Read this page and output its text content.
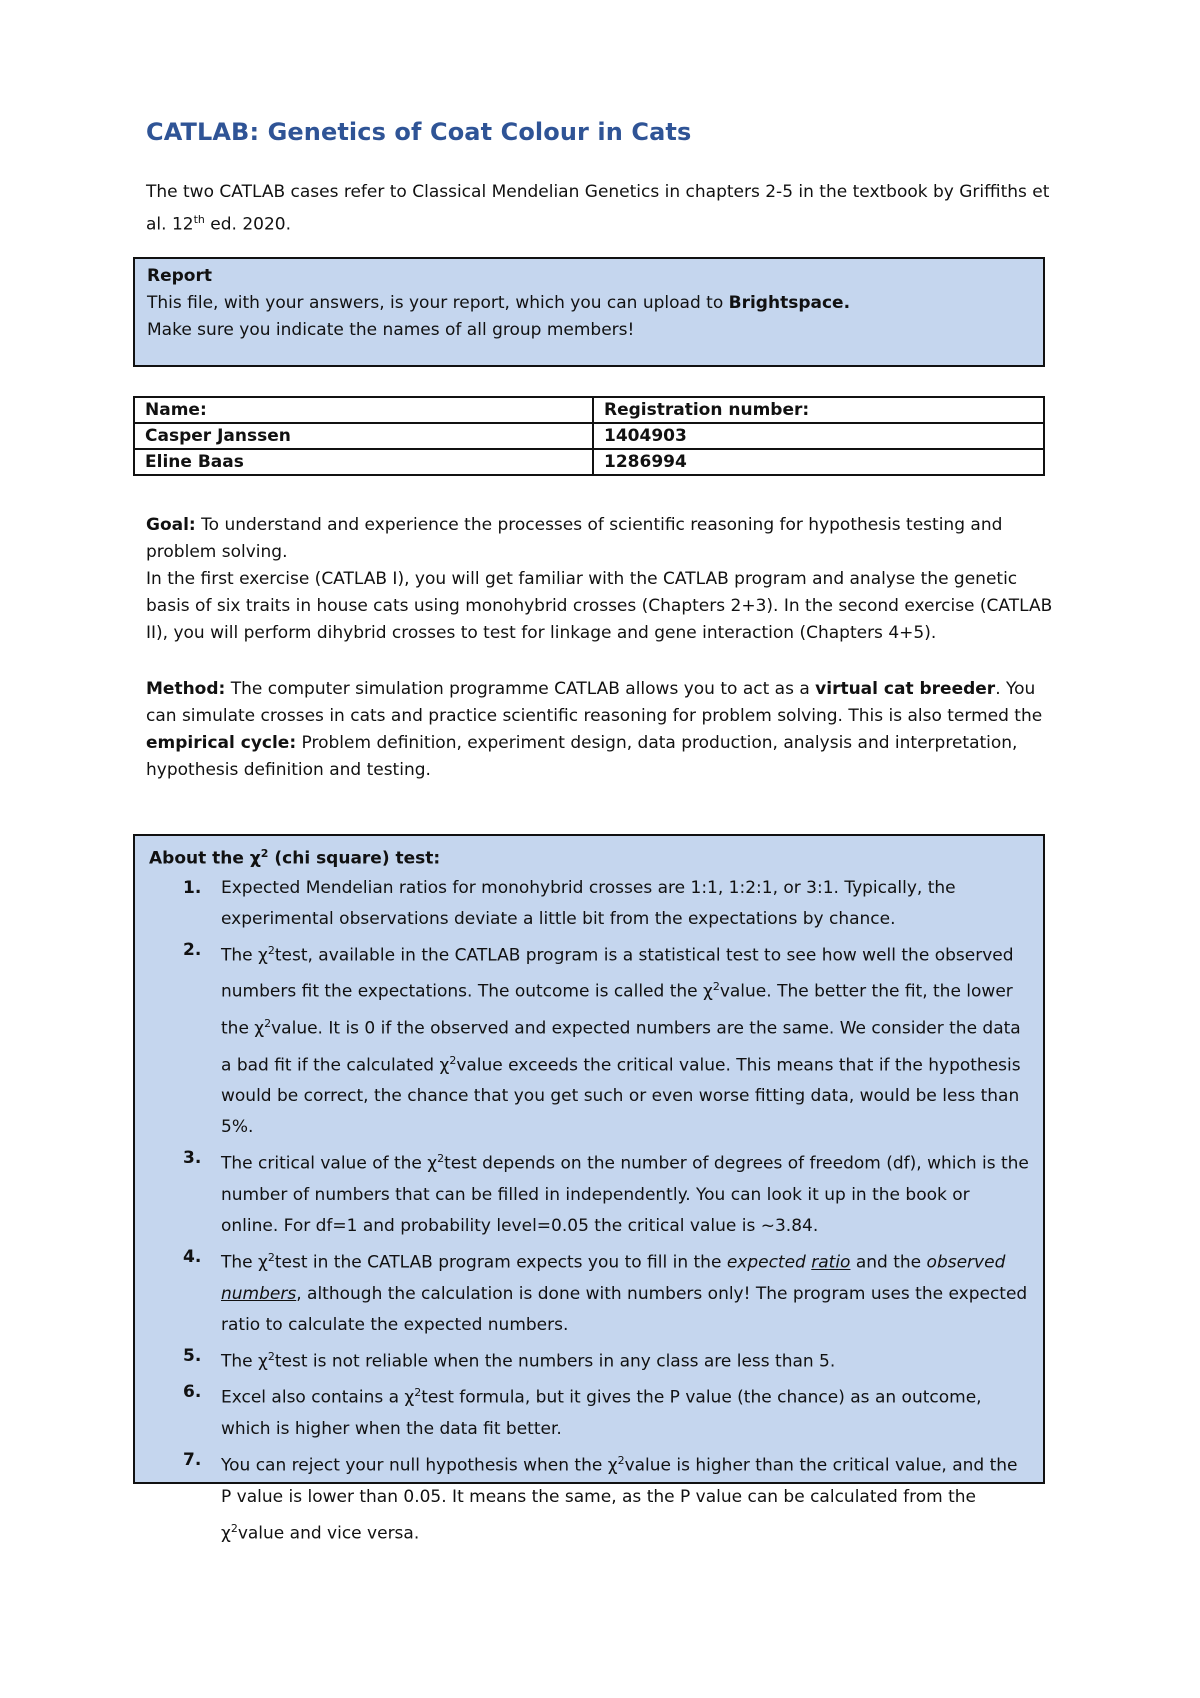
CATLAB: Genetics of Coat Colour in Cats

The two CATLAB cases refer to Classical Mendelian Genetics in chapters 2-5 in the textbook by Griffiths et al. 12th ed. 2020.

Report
This file, with your answers, is your report, which you can upload to Brightspace.
Make sure you indicate the names of all group members!
Name:	Registration number:
Casper Janssen	1404903
Eline Baas	1286994

Goal: To understand and experience the processes of scientific reasoning for hypothesis testing and problem solving.
In the first exercise (CATLAB I), you will get familiar with the CATLAB program and analyse the genetic basis of six traits in house cats using monohybrid crosses (Chapters 2+3). In the second exercise (CATLAB II), you will perform dihybrid crosses to test for linkage and gene interaction (Chapters 4+5).

Method: The computer simulation programme CATLAB allows you to act as a virtual cat breeder. You can simulate crosses in cats and practice scientific reasoning for problem solving. This is also termed the empirical cycle: Problem definition, experiment design, data production, analysis and interpretation, hypothesis definition and testing.

About the $\chi^2$ (chi square) test:
1. Expected Mendelian ratios for monohybrid crosses are 1:1, 1:2:1, or 3:1. Typically, the experimental observations deviate a little bit from the expectations by chance.
2. The $\chi^2test$, available in the CATLAB program is a statistical test to see how well the observed numbers fit the expectations. The outcome is called the $\chi^2value$. The better the fit, the lower the $\chi^2value$. It is 0 if the observed and expected numbers are the same. We consider the data a bad fit if the calculated $\chi^2value$ exceeds the critical value. This means that if the hypothesis would be correct, the chance that you get such or even worse fitting data, would be less than 5%.
3. The critical value of the $\chi^2test$ depends on the number of degrees of freedom (df), which is the number of numbers that can be filled in independently. You can look it up in the book or online. For df=1 and probability level=0.05 the critical value is ~3.84.
4. The $\chi^2test$ in the CATLAB program expects you to fill in the expected ratio and the observed numbers, although the calculation is done with numbers only! The program uses the expected ratio to calculate the expected numbers.
5. The $\chi^2test$ is not reliable when the numbers in any class are less than 5.
6. Excel also contains a $\chi^2test$ formula, but it gives the P value (the chance) as an outcome, which is higher when the data fit better.
7. You can reject your null hypothesis when the $\chi^2value$ is higher than the critical value, and the P value is lower than 0.05. It means the same, as the P value can be calculated from the $\chi^2value$ and vice versa.
